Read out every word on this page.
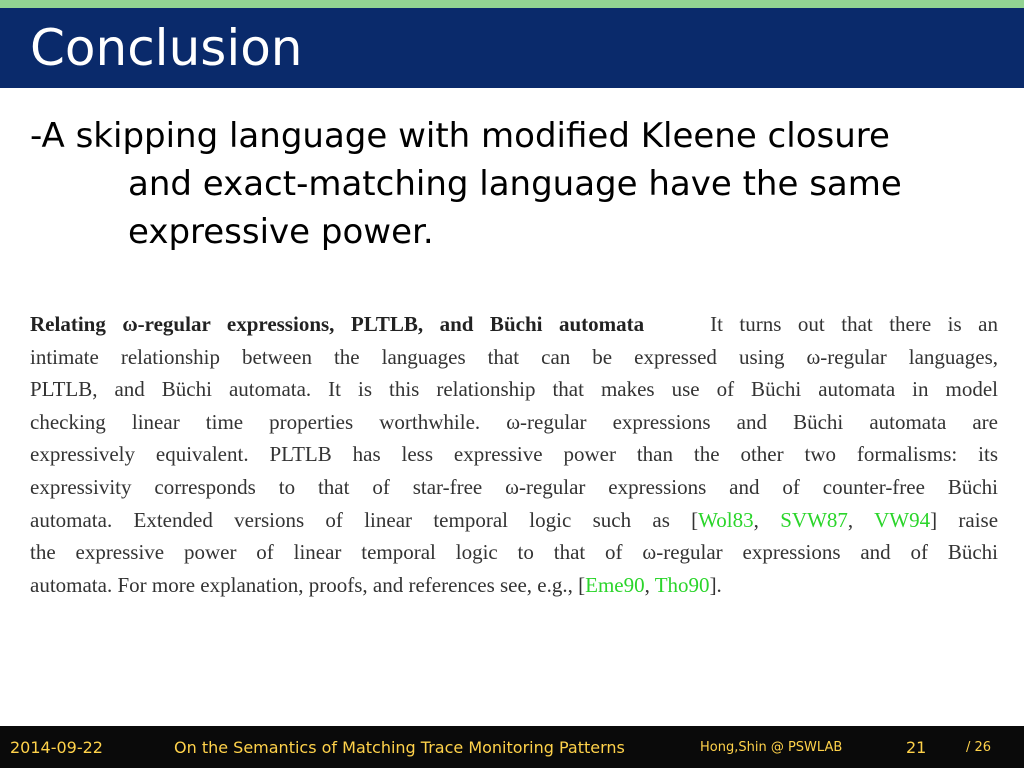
Conclusion
-A skipping language with modified Kleene closure
and exact-matching language have the same
expressive power.
Relating ω-regular expressions, PLTLB, and Büchi automata	It turns out that there is an
intimate relationship between the languages that can be expressed using ω-regular languages,
PLTLB, and Büchi automata. It is this relationship that makes use of Büchi automata in model
checking linear time properties worthwhile. ω-regular expressions and Büchi automata are
expressively equivalent. PLTLB has less expressive power than the other two formalisms: its
expressivity corresponds to that of star-free ω-regular expressions and of counter-free Büchi
automata. Extended versions of linear temporal logic such as [Wol83, SVW87, VW94] raise
the expressive power of linear temporal logic to that of ω-regular expressions and of Büchi
automata. For more explanation, proofs, and references see, e.g., [Eme90, Tho90].
2014-09-22	On the Semantics of Matching Trace Monitoring Patterns	Hong,Shin @ PSWLAB	21	/ 26
